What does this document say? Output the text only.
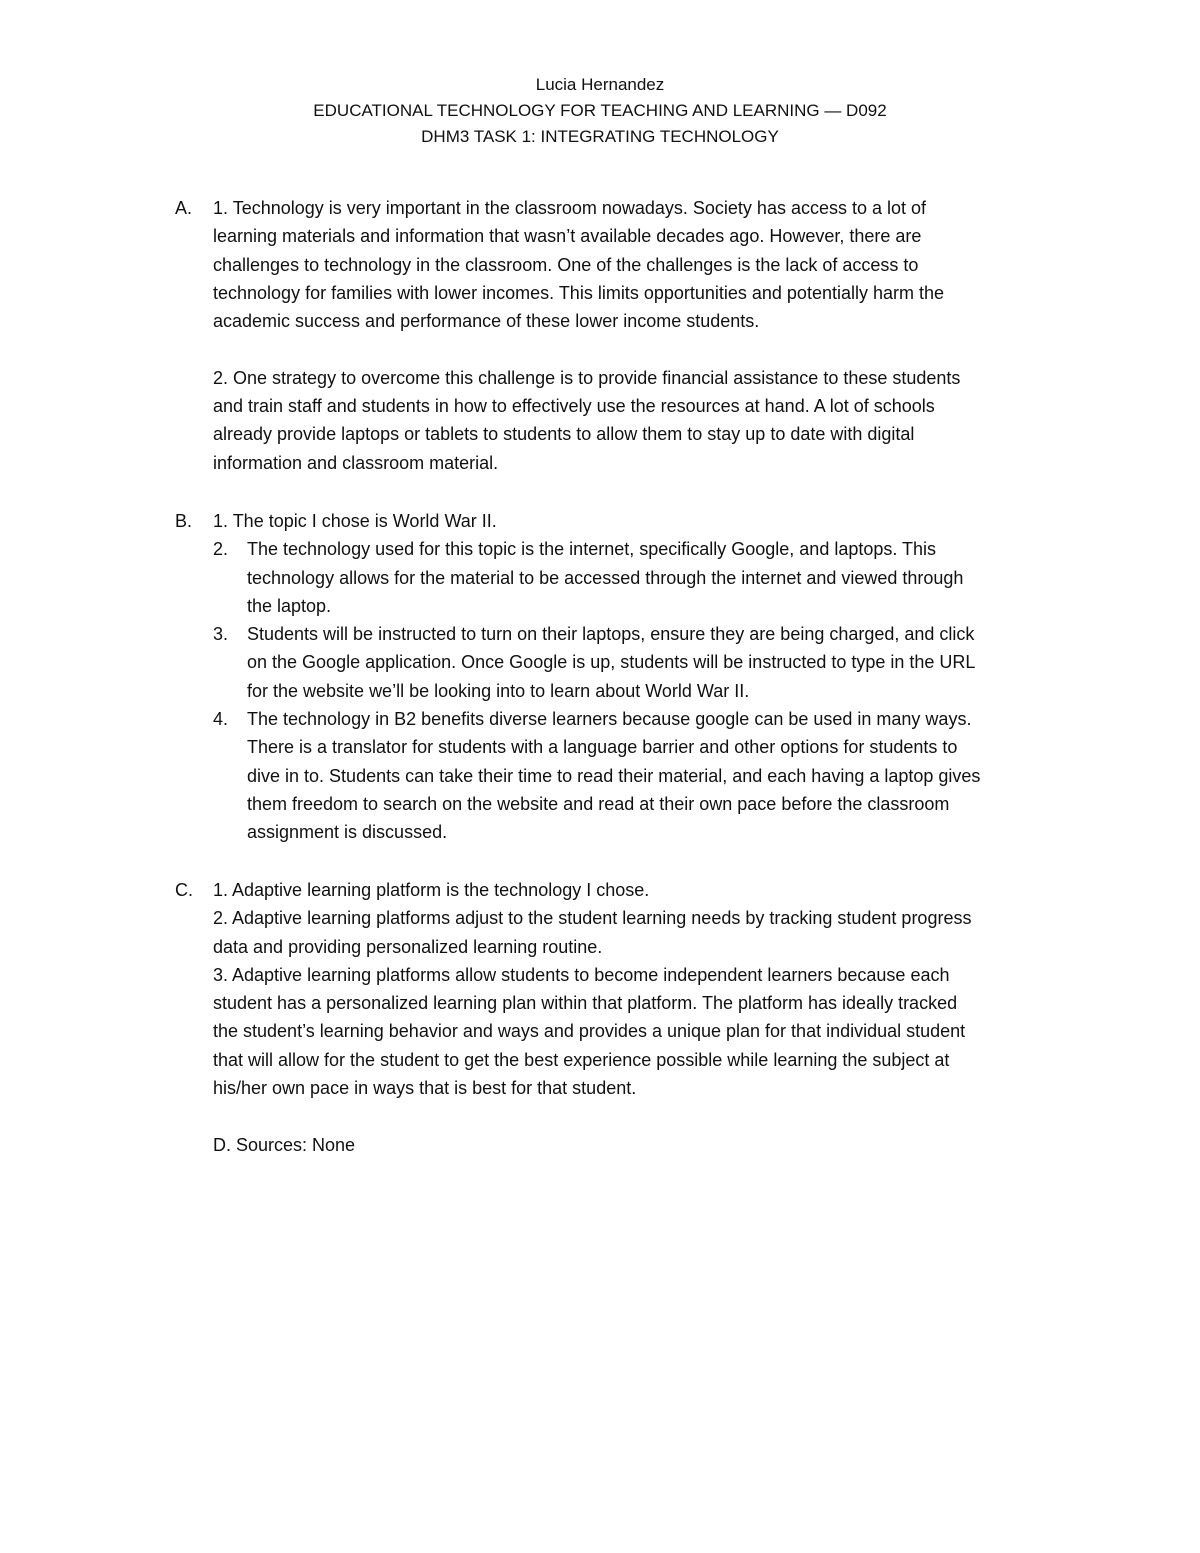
Lucia Hernandez
EDUCATIONAL TECHNOLOGY FOR TEACHING AND LEARNING — D092
DHM3 TASK 1: INTEGRATING TECHNOLOGY
A. 1. Technology is very important in the classroom nowadays. Society has access to a lot of
learning materials and information that wasn’t available decades ago. However, there are
challenges to technology in the classroom. One of the challenges is the lack of access to
technology for families with lower incomes. This limits opportunities and potentially harm the
academic success and performance of these lower income students.

2. One strategy to overcome this challenge is to provide financial assistance to these students
and train staff and students in how to effectively use the resources at hand. A lot of schools
already provide laptops or tablets to students to allow them to stay up to date with digital
information and classroom material.

B. 1. The topic I chose is World War II.

2. The technology used for this topic is the internet, specifically Google, and laptops. This
technology allows for the material to be accessed through the internet and viewed through
the laptop.
3. Students will be instructed to turn on their laptops, ensure they are being charged, and click
on the Google application. Once Google is up, students will be instructed to type in the URL
for the website we’ll be looking into to learn about World War II.
4. The technology in B2 benefits diverse learners because google can be used in many ways.
There is a translator for students with a language barrier and other options for students to
dive in to. Students can take their time to read their material, and each having a laptop gives
them freedom to search on the website and read at their own pace before the classroom
assignment is discussed.
C. 1. Adaptive learning platform is the technology I chose.

2. Adaptive learning platforms adjust to the student learning needs by tracking student progress
data and providing personalized learning routine.

3. Adaptive learning platforms allow students to become independent learners because each
student has a personalized learning plan within that platform. The platform has ideally tracked
the student’s learning behavior and ways and provides a unique plan for that individual student
that will allow for the student to get the best experience possible while learning the subject at
his/her own pace in ways that is best for that student.

D. Sources: None
